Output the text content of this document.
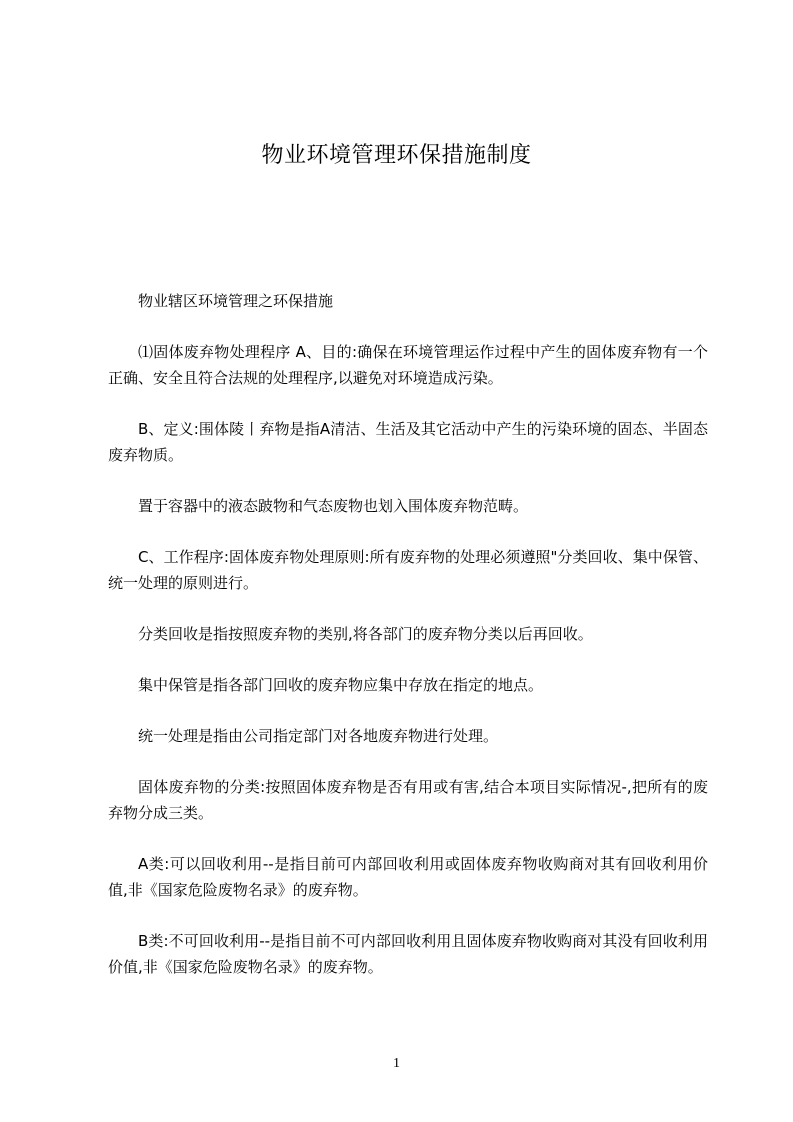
物业环境管理环保措施制度

物业辖区环境管理之环保措施

⑴固体废弃物处理程序 A、目的:确保在环境管理运作过程中产生的固体废弃物有一个正确、安全且符合法规的处理程序,以避免对环境造成污染。

B、定义:围体陵丨弃物是指A清洁、生活及其它活动中产生的污染环境的固态、半固态废弃物质。

置于容器中的液态跛物和气态废物也划入围体废弃物范畴。

C、工作程序:固体废弃物处理原则:所有废弃物的处理必须遵照"分类回收、集中保管、统一处理的原则进行。

分类回收是指按照废弃物的类别,将各部门的废弃物分类以后再回收。

集中保管是指各部门回收的废弃物应集中存放在指定的地点。

统一处理是指由公司指定部门对各地废弃物进行处理。

固体废弃物的分类:按照固体废弃物是否有用或有害,结合本项目实际情况-,把所有的废弃物分成三类。

A类:可以回收利用--是指目前可内部回收利用或固体废弃物收购商对其有回收利用价值,非《国家危险废物名录》的废弃物。

B类:不可回收利用--是指目前不可内部回收利用且固体废弃物收购商对其没有回收利用价值,非《国家危险废物名录》的废弃物。

1
